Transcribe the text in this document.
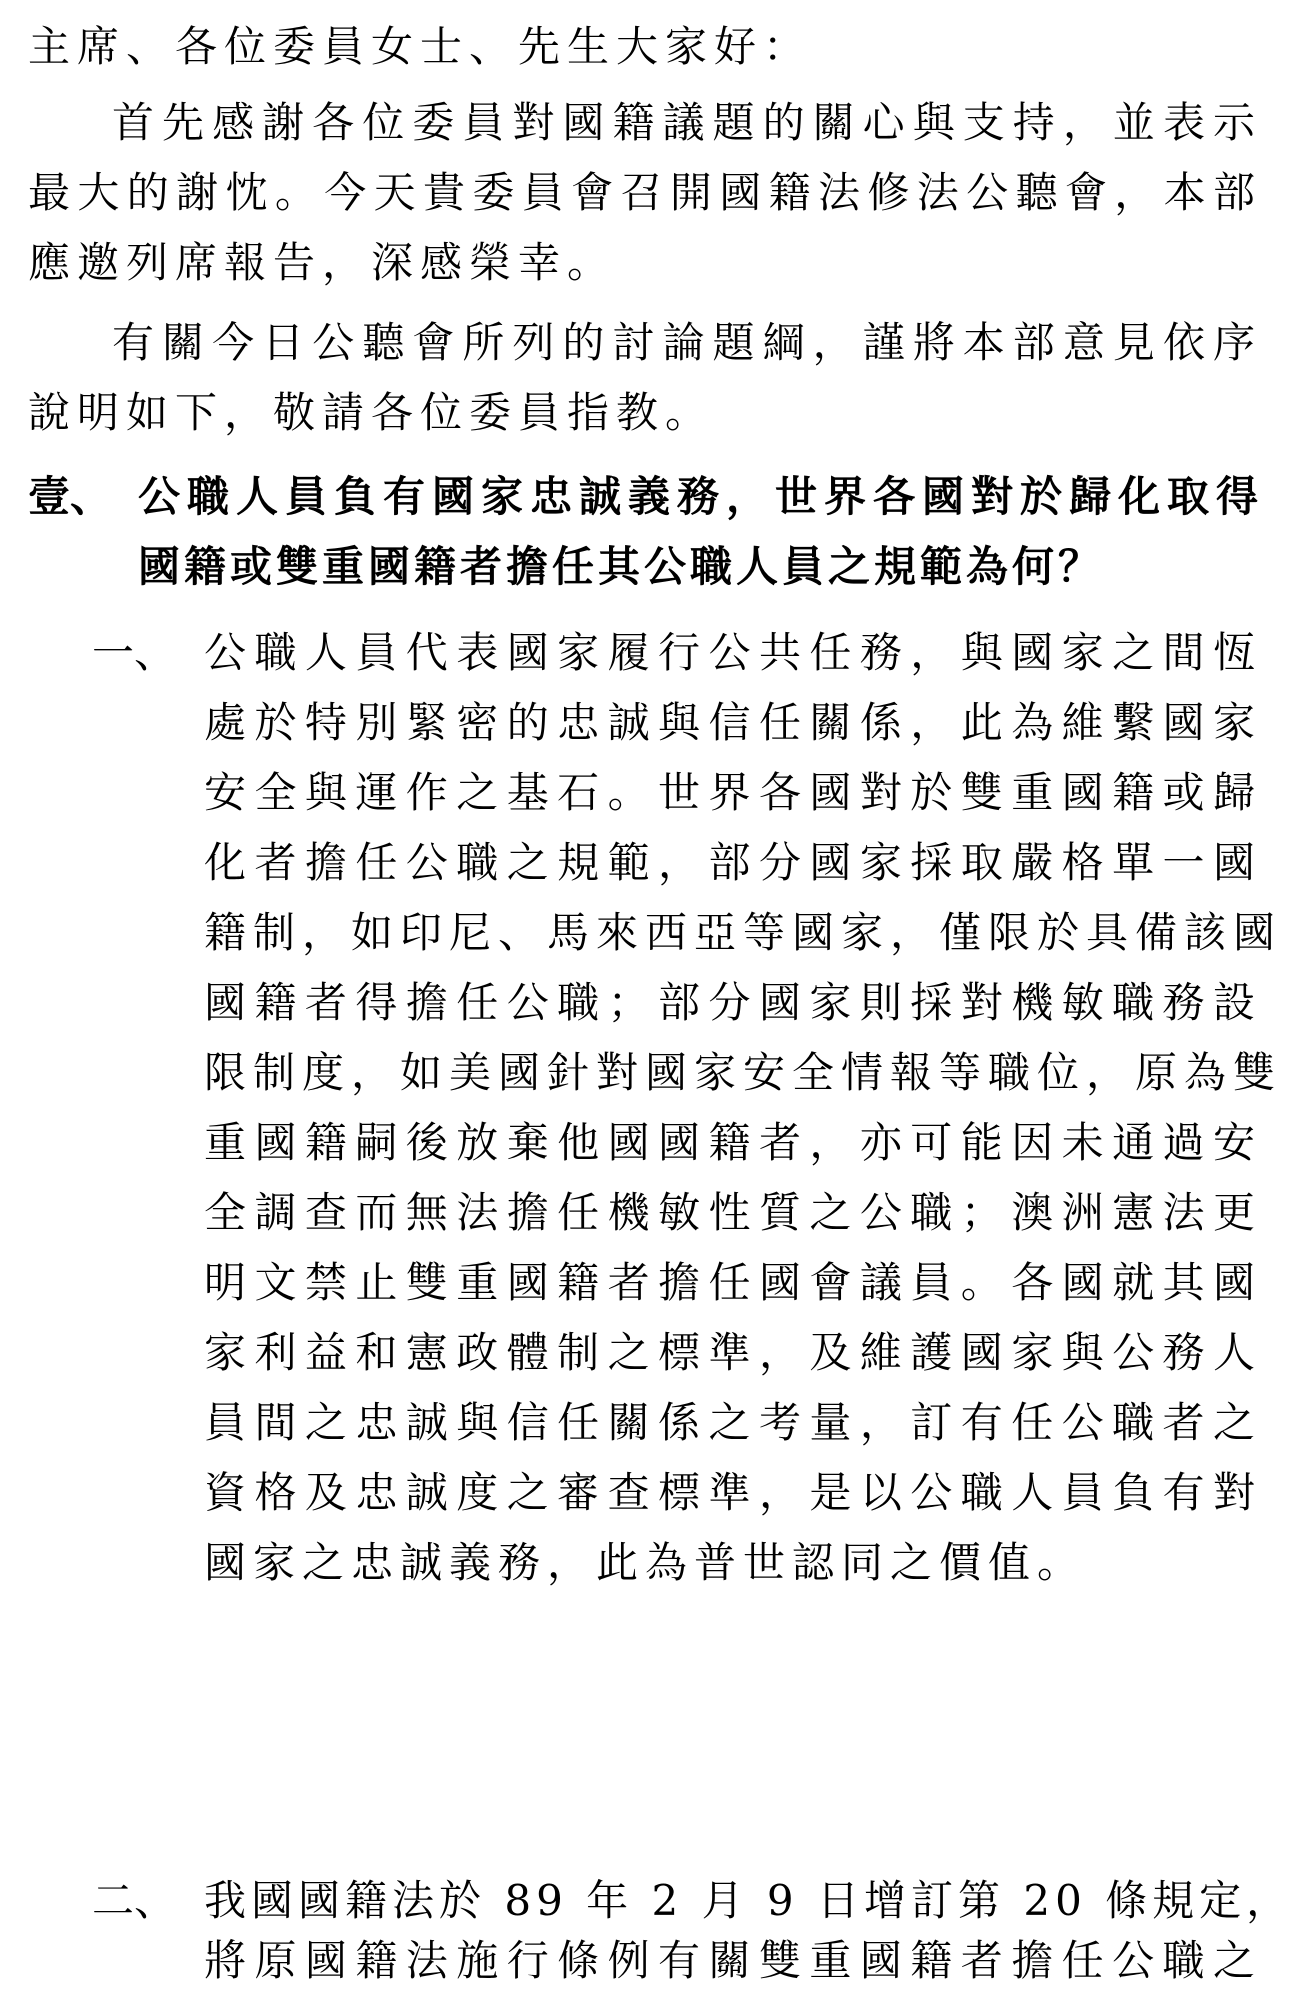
主席、各位委員女士、先生大家好：
首先感謝各位委員對國籍議題的關心與支持，並表示
最大的謝忱。今天貴委員會召開國籍法修法公聽會，本部
應邀列席報告，深感榮幸。
有關今日公聽會所列的討論題綱，謹將本部意見依序
說明如下，敬請各位委員指教。
壹、 公職人員負有國家忠誠義務，世界各國對於歸化取得
國籍或雙重國籍者擔任其公職人員之規範為何？
一、 公職人員代表國家履行公共任務，與國家之間恆
處於特別緊密的忠誠與信任關係，此為維繫國家
安全與運作之基石。世界各國對於雙重國籍或歸
化者擔任公職之規範，部分國家採取嚴格單一國
籍制，如印尼、馬來西亞等國家，僅限於具備該國
國籍者得擔任公職；部分國家則採對機敏職務設
限制度，如美國針對國家安全情報等職位，原為雙
重國籍嗣後放棄他國國籍者，亦可能因未通過安
全調查而無法擔任機敏性質之公職；澳洲憲法更
明文禁止雙重國籍者擔任國會議員。各國就其國
家利益和憲政體制之標準，及維護國家與公務人
員間之忠誠與信任關係之考量，訂有任公職者之
資格及忠誠度之審查標準，是以公職人員負有對
國家之忠誠義務，此為普世認同之價值。
二、 我國國籍法於 89 年 2 月 9 日增訂第 20 條規定，
將原國籍法施行條例有關雙重國籍者擔任公職之
